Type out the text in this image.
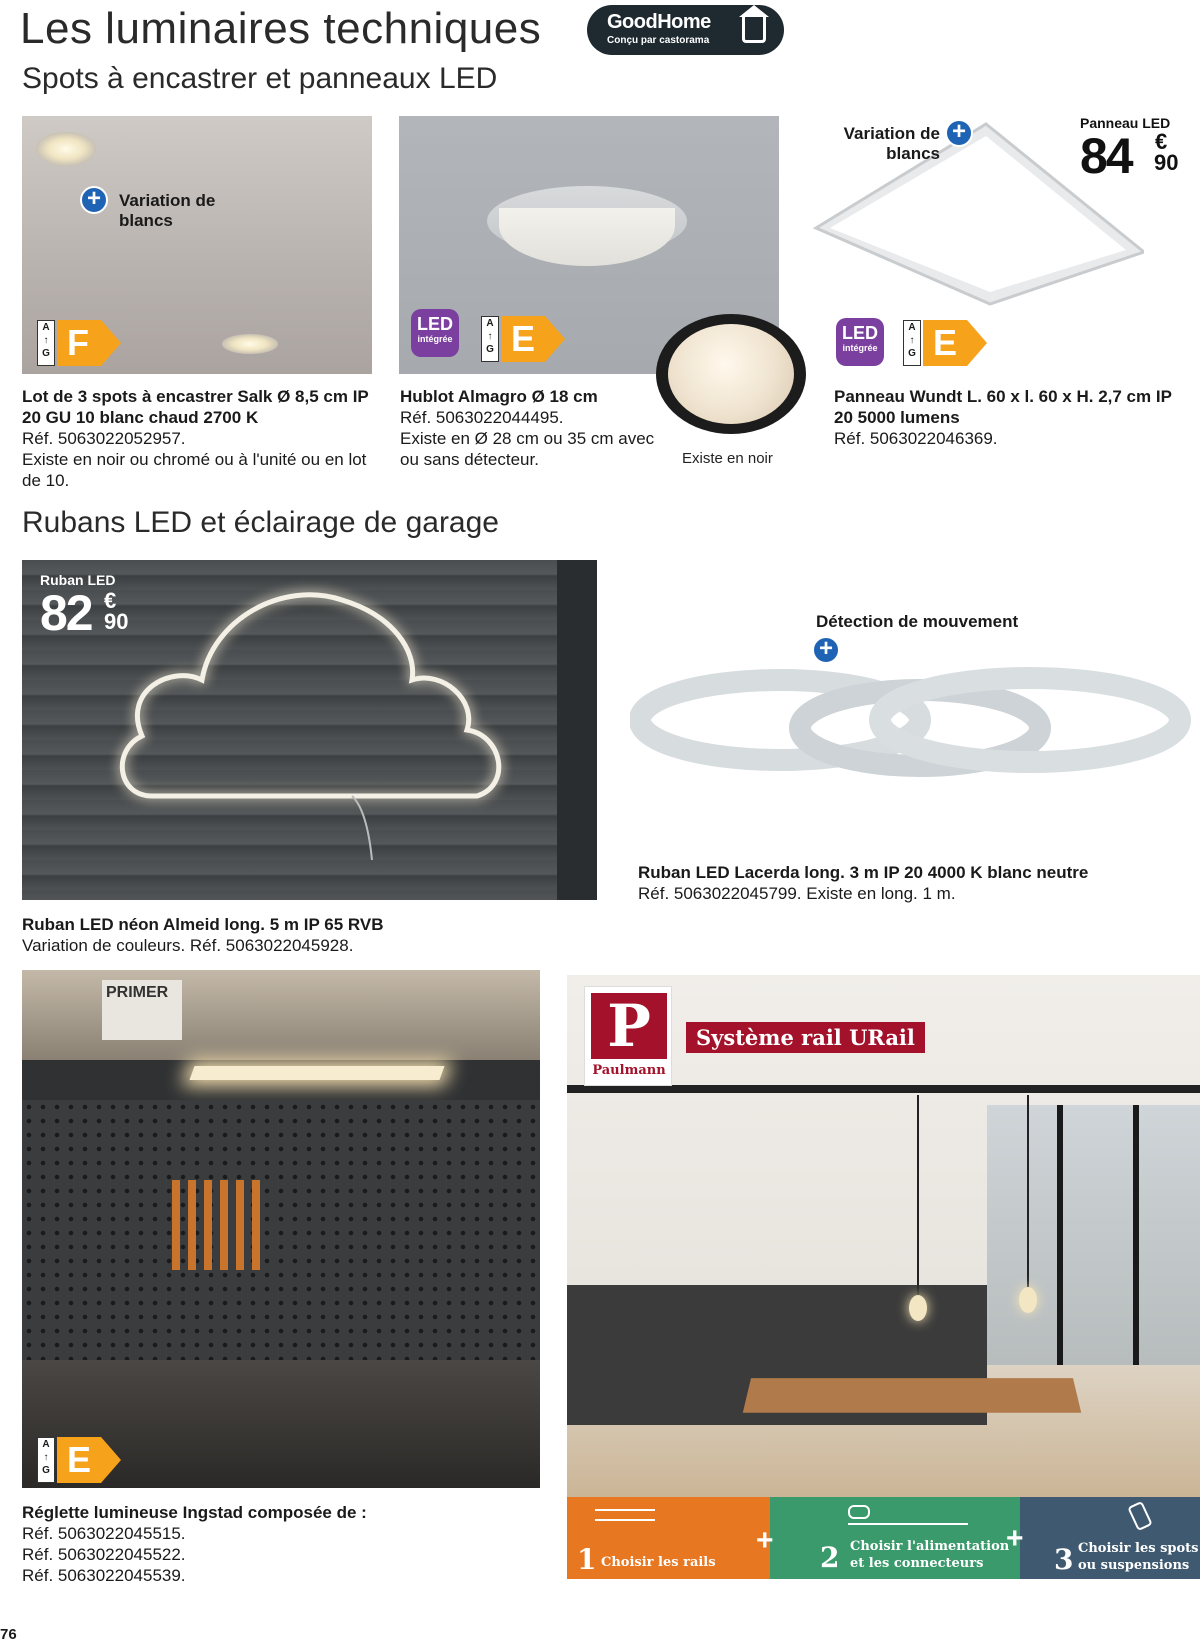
Les luminaires techniques	GoodHome
Conçu par castorama
Spots à encastrer et panneaux LED
+	Variation de blancs
A
↑
G F
Lot de 3 spots à encastrer Salk Ø 8,5 cm IP 20 GU 10 blanc chaud 2700 K
Réf. 5063022052957.
Existe en noir ou chromé ou à l'unité ou en lot de 10.
LED
intégrée
A
↑
G E
Existe en noir
Hublot Almagro Ø 18 cm
Réf. 5063022044495.
Existe en Ø 28 cm ou 35 cm avec ou sans détecteur.
Variation de blancs
+	Panneau LED
84 €
90
LED
intégrée
A
↑
G E
Panneau Wundt L. 60 x l. 60 x H. 2,7 cm IP 20 5000 lumens
Réf. 5063022046369.
Rubans LED et éclairage de garage
Ruban LED
82 €
90
Ruban LED néon Almeid long. 5 m IP 65 RVB
Variation de couleurs. Réf. 5063022045928.
Détection de mouvement
+
Ruban LED Lacerda long. 3 m IP 20 4000 K blanc neutre
Réf. 5063022045799. Existe en long. 1 m.
PRIMER
A
↑
G E
Réglette lumineuse Ingstad composée de :
Réf. 5063022045515.
Réf. 5063022045522.
Réf. 5063022045539.
P
Paulmann
Système rail URail
1 Choisir les rails	2 Choisir l'alimentation
et les connecteurs	3 Choisir les spots
ou suspensions
+	+
76
